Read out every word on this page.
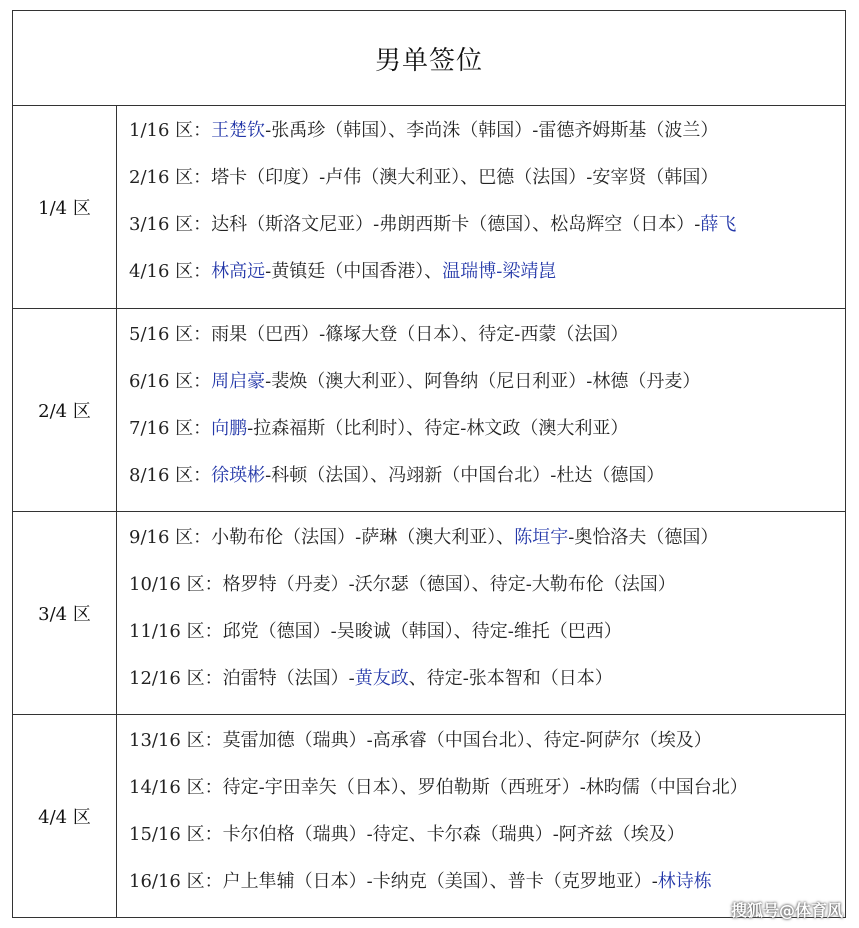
男单签位
1/4 区
1/16 区：王楚钦-张禹珍（韩国）、李尚洙（韩国）-雷德齐姆斯基（波兰）
2/16 区：塔卡（印度）-卢伟（澳大利亚）、巴德（法国）-安宰贤（韩国）
3/16 区：达科（斯洛文尼亚）-弗朗西斯卡（德国）、松岛辉空（日本）-薛飞
4/16 区：林高远-黄镇廷（中国香港）、温瑞博-梁靖崑
2/4 区
5/16 区：雨果（巴西）-篠塚大登（日本）、待定-西蒙（法国）
6/16 区：周启豪-裴焕（澳大利亚）、阿鲁纳（尼日利亚）-林德（丹麦）
7/16 区：向鹏-拉森福斯（比利时）、待定-林文政（澳大利亚）
8/16 区：徐瑛彬-科顿（法国）、冯翊新（中国台北）-杜达（德国）
3/4 区
9/16 区：小勒布伦（法国）-萨琳（澳大利亚）、陈垣宇-奥恰洛夫（德国）
10/16 区：格罗特（丹麦）-沃尔瑟（德国）、待定-大勒布伦（法国）
11/16 区：邱党（德国）-吴晙诚（韩国）、待定-维托（巴西）
12/16 区：泊雷特（法国）-黄友政、待定-张本智和（日本）
4/4 区
13/16 区：莫雷加德（瑞典）-高承睿（中国台北）、待定-阿萨尔（埃及）
14/16 区：待定-宇田幸矢（日本）、罗伯勒斯（西班牙）-林昀儒（中国台北）
15/16 区：卡尔伯格（瑞典）-待定、卡尔森（瑞典）-阿齐兹（埃及）
16/16 区：户上隼辅（日本）-卡纳克（美国）、普卡（克罗地亚）-林诗栋
搜狐号@体育风
